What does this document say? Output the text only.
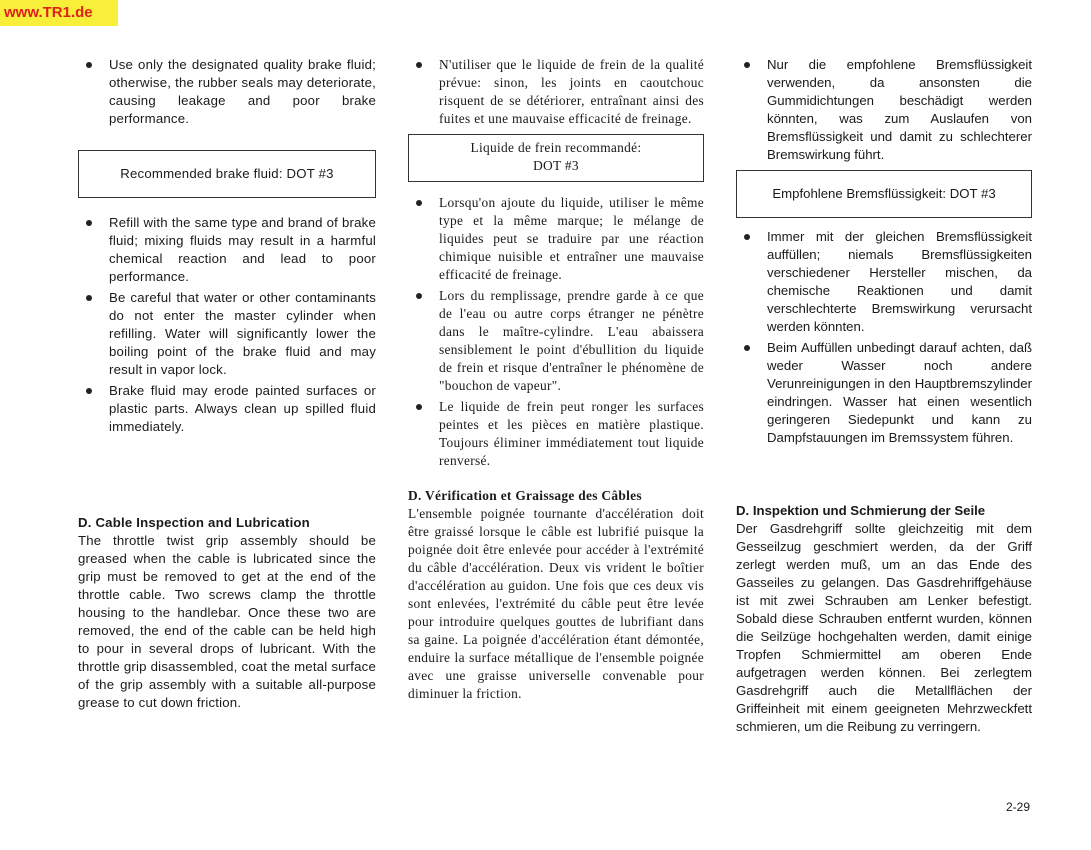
www.TR1.de
Use only the designated quality brake fluid; otherwise, the rubber seals may deteriorate, causing leakage and poor brake performance.
Recommended brake fluid: DOT #3
Refill with the same type and brand of brake fluid; mixing fluids may result in a harmful chemical reaction and lead to poor performance.
Be careful that water or other contaminants do not enter the master cylinder when refilling. Water will significantly lower the boiling point of the brake fluid and may result in vapor lock.
Brake fluid may erode painted surfaces or plastic parts. Always clean up spilled fluid immediately.
D. Cable Inspection and Lubrication
The throttle twist grip assembly should be greased when the cable is lubricated since the grip must be removed to get at the end of the throttle cable. Two screws clamp the throttle housing to the handlebar. Once these two are removed, the end of the cable can be held high to pour in several drops of lubricant. With the throttle grip disassembled, coat the metal surface of the grip assembly with a suitable all-purpose grease to cut down friction.
N'utiliser que le liquide de frein de la qualité prévue: sinon, les joints en caoutchouc risquent de se détériorer, entraînant ainsi des fuites et une mauvaise efficacité de freinage.
Liquide de frein recommandé:
DOT #3
Lorsqu'on ajoute du liquide, utiliser le même type et la même marque; le mélange de liquides peut se traduire par une réaction chimique nuisible et entraîner une mauvaise efficacité de freinage.
Lors du remplissage, prendre garde à ce que de l'eau ou autre corps étranger ne pénètre dans le maître-cylindre. L'eau abaissera sensiblement le point d'ébullition du liquide de frein et risque d'entraîner le phénomène de "bouchon de vapeur".
Le liquide de frein peut ronger les surfaces peintes et les pièces en matière plastique. Toujours éliminer immédiatement tout liquide renversé.
D. Vérification et Graissage des Câbles
L'ensemble poignée tournante d'accélération doit être graissé lorsque le câble est lubrifié puisque la poignée doit être enlevée pour accéder à l'extrémité du câble d'accélération. Deux vis vrident le boîtier d'accélération au guidon. Une fois que ces deux vis sont enlevées, l'extrémité du câble peut être levée pour introduire quelques gouttes de lubrifiant dans sa gaine. La poignée d'accélération étant démontée, enduire la surface métallique de l'ensemble poignée avec une graisse universelle convenable pour diminuer la friction.
Nur die empfohlene Bremsflüssigkeit verwenden, da ansonsten die Gummidichtungen beschädigt werden könnten, was zum Auslaufen von Bremsflüssigkeit und damit zu schlechterer Bremswirkung führt.
Empfohlene Bremsflüssigkeit: DOT #3
Immer mit der gleichen Bremsflüssigkeit auffüllen; niemals Bremsflüssigkeiten verschiedener Hersteller mischen, da chemische Reaktionen und damit verschlechterte Bremswirkung verursacht werden könnten.
Beim Auffüllen unbedingt darauf achten, daß weder Wasser noch andere Verunreinigungen in den Hauptbremszylinder eindringen. Wasser hat einen wesentlich geringeren Siedepunkt und kann zu Dampfstauungen im Bremssystem führen.
D. Inspektion und Schmierung der Seile
Der Gasdrehgriff sollte gleichzeitig mit dem Gesseilzug geschmiert werden, da der Griff zerlegt werden muß, um an das Ende des Gasseiles zu gelangen. Das Gasdrehriffgehäuse ist mit zwei Schrauben am Lenker befestigt. Sobald diese Schrauben entfernt wurden, können die Seilzüge hochgehalten werden, damit einige Tropfen Schmiermittel am oberen Ende aufgetragen werden können. Bei zerlegtem Gasdrehgriff auch die Metallflächen der Griffeinheit mit einem geeigneten Mehrzweckfett schmieren, um die Reibung zu verringern.
2-29
